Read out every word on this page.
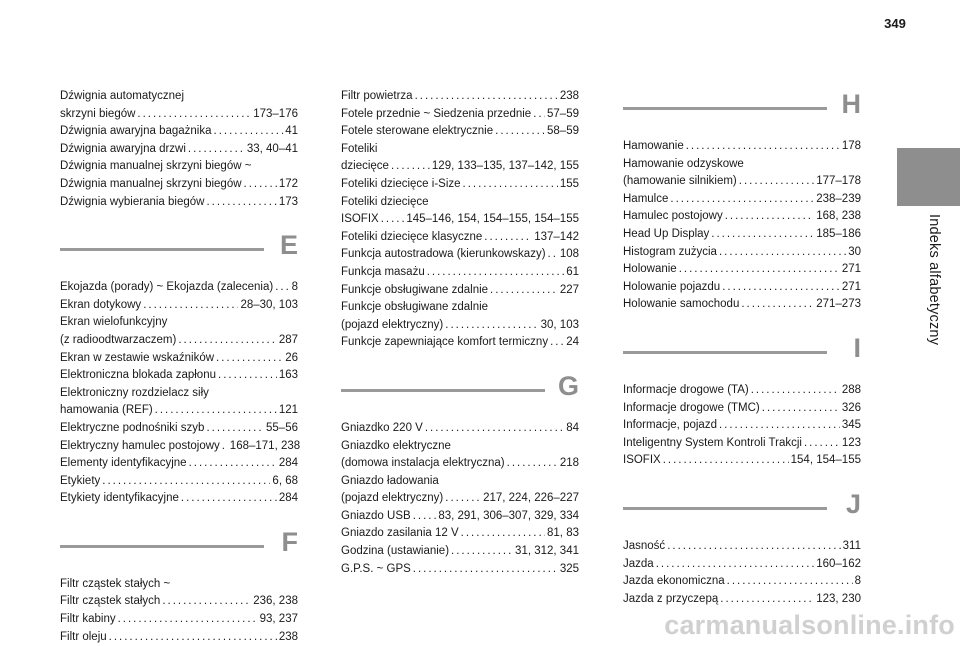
349
Indeks alfabetyczny
Dźwignia automatycznej
skrzyni biegów . . .	173–176
Dźwignia awaryjna bagażnika . . .	41
Dźwignia awaryjna drzwi . . .	33, 40–41
Dźwignia manualnej skrzyni biegów ~
Dźwignia manualnej skrzyni biegów . . .	172
Dźwignia wybierania biegów . . .	173
E
Ekojazda (porady) ~ Ekojazda (zalecenia) . . . 8
Ekran dotykowy . . .	28–30, 103
Ekran wielofunkcyjny
(z radioodtwarzaczem) . . .	287
Ekran w zestawie wskaźników . . .	26
Elektroniczna blokada zapłonu . . .	163
Elektroniczny rozdzielacz siły
hamowania (REF) . . .	121
Elektryczne podnośniki szyb . . .	55–56
Elektryczny hamulec postojowy . . . 168–171, 238
Elementy identyfikacyjne . . .	284
Etykiety . . .	6, 68
Etykiety identyfikacyjne . . .	284
F
Filtr cząstek stałych ~
Filtr cząstek stałych . . .	236, 238
Filtr kabiny . . .	93, 237
Filtr oleju . . .	238
Filtr powietrza . . .	238
Fotele przednie ~ Siedzenia przednie . . . 57–59
Fotele sterowane elektrycznie . . .	58–59
Foteliki
dziecięce . . .	129, 133–135, 137–142, 155
Foteliki dziecięce i-Size . . .	155
Foteliki dziecięce
ISOFIX . . . 145–146, 154, 154–155, 154–155
Foteliki dziecięce klasyczne . . .	137–142
Funkcja autostradowa (kierunkowskazy) . . . 108
Funkcja masażu . . .	61
Funkcje obsługiwane zdalnie . . .	227
Funkcje obsługiwane zdalnie
(pojazd elektryczny) . . .	30, 103
Funkcje zapewniające komfort termiczny . . . 24
G
Gniazdko 220 V . . .	84
Gniazdko elektryczne
(domowa instalacja elektryczna) . . .	218
Gniazdo ładowania
(pojazd elektryczny) . . .	217, 224, 226–227
Gniazdo USB . . . 83, 291, 306–307, 329, 334
Gniazdo zasilania 12 V . . .	81, 83
Godzina (ustawianie) . . .	31, 312, 341
G.P.S. ~ GPS . . .	325
H
Hamowanie . . .	178
Hamowanie odzyskowe
(hamowanie silnikiem) . . .	177–178
Hamulce . . .	238–239
Hamulec postojowy . . .	168, 238
Head Up Display . . .	185–186
Histogram zużycia . . .	30
Holowanie . . .	271
Holowanie pojazdu . . .	271
Holowanie samochodu . . .	271–273
I
Informacje drogowe (TA) . . .	288
Informacje drogowe (TMC) . . .	326
Informacje, pojazd . . .	345
Inteligentny System Kontroli Trakcji . . .	123
ISOFIX . . .	154, 154–155
J
Jasność . . .	311
Jazda . . .	160–162
Jazda ekonomiczna . . .	8
Jazda z przyczepą . . .	123, 230
carmanualsonline.info
